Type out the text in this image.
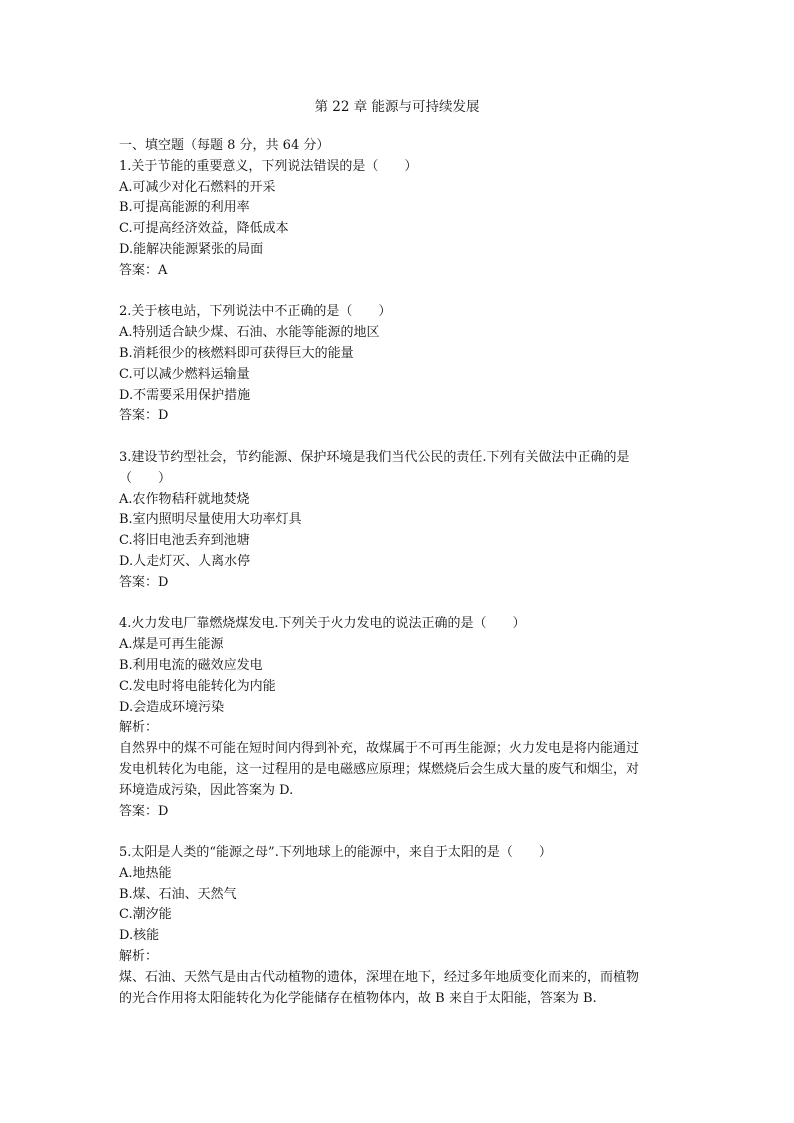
第 22 章 能源与可持续发展
一、填空题（每题 8 分，共 64 分）
1.关于节能的重要意义，下列说法错误的是（　　）
A.可减少对化石燃料的开采
B.可提高能源的利用率
C.可提高经济效益，降低成本
D.能解决能源紧张的局面
答案：A
2.关于核电站，下列说法中不正确的是（　　）
A.特别适合缺少煤、石油、水能等能源的地区
B.消耗很少的核燃料即可获得巨大的能量
C.可以减少燃料运输量
D.不需要采用保护措施
答案：D
3.建设节约型社会，节约能源、保护环境是我们当代公民的责任.下列有关做法中正确的是
（　　）
A.农作物秸秆就地焚烧
B.室内照明尽量使用大功率灯具
C.将旧电池丢弃到池塘
D.人走灯灭、人离水停
答案：D
4.火力发电厂靠燃烧煤发电.下列关于火力发电的说法正确的是（　　）
A.煤是可再生能源
B.利用电流的磁效应发电
C.发电时将电能转化为内能
D.会造成环境污染
解析：
自然界中的煤不可能在短时间内得到补充，故煤属于不可再生能源；火力发电是将内能通过
发电机转化为电能，这一过程用的是电磁感应原理；煤燃烧后会生成大量的废气和烟尘，对
环境造成污染，因此答案为 D.
答案：D
5.太阳是人类的“能源之母”.下列地球上的能源中，来自于太阳的是（　　）
A.地热能
B.煤、石油、天然气
C.潮汐能
D.核能
解析：
煤、石油、天然气是由古代动植物的遗体，深埋在地下，经过多年地质变化而来的，而植物
的光合作用将太阳能转化为化学能储存在植物体内，故 B 来自于太阳能，答案为 B.
